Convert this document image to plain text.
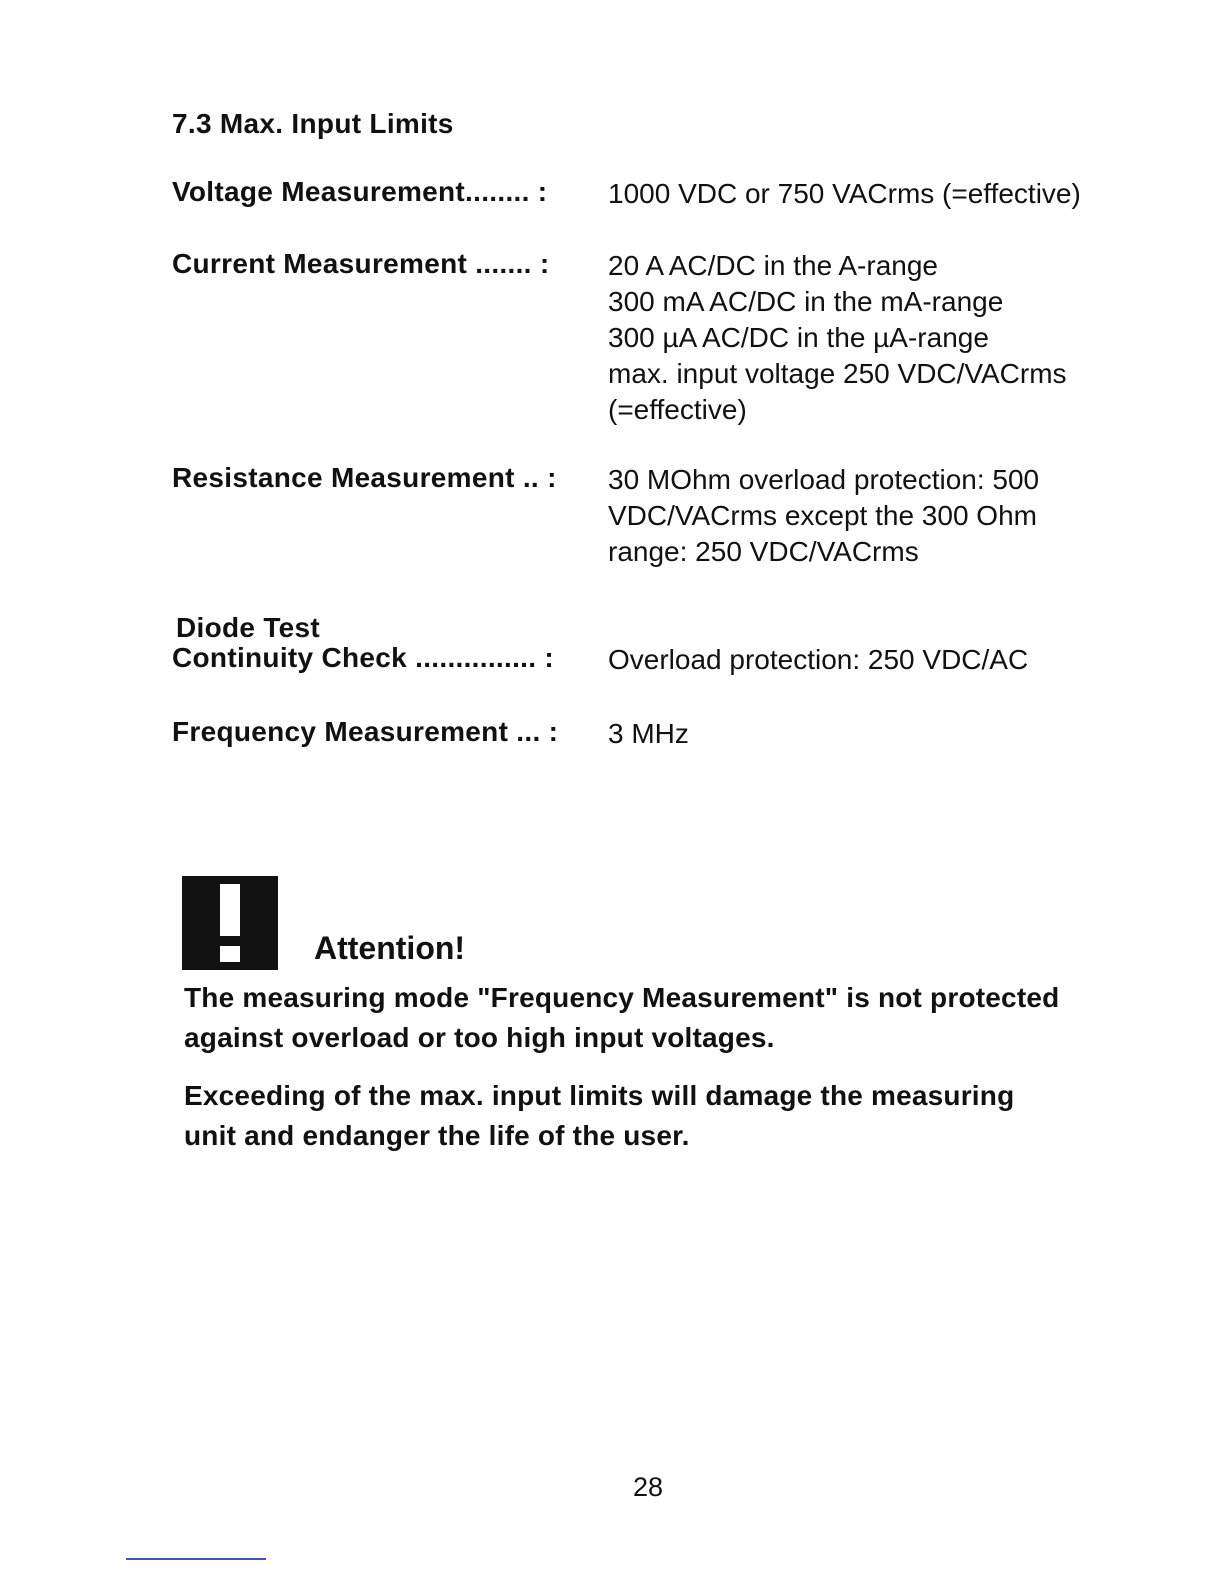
7.3 Max. Input Limits
Voltage Measurement........ :	1000 VDC or 750 VACrms (=effective)
Current Measurement ....... :	20 A AC/DC in the A-range
300 mA AC/DC in the mA-range
300 µA AC/DC in the µA-range
max. input voltage 250 VDC/VACrms
(=effective)
Resistance Measurement .. :	30 MOhm overload protection: 500
VDC/VACrms except the 300 Ohm
range: 250 VDC/VACrms
Diode Test
Continuity Check ............... :	Overload protection: 250 VDC/AC
Frequency Measurement ... :	3 MHz
Attention!
The measuring mode "Frequency Measurement" is not protected
against overload or too high input voltages.
Exceeding of the max. input limits will damage the measuring
unit and endanger the life of the user.
28
